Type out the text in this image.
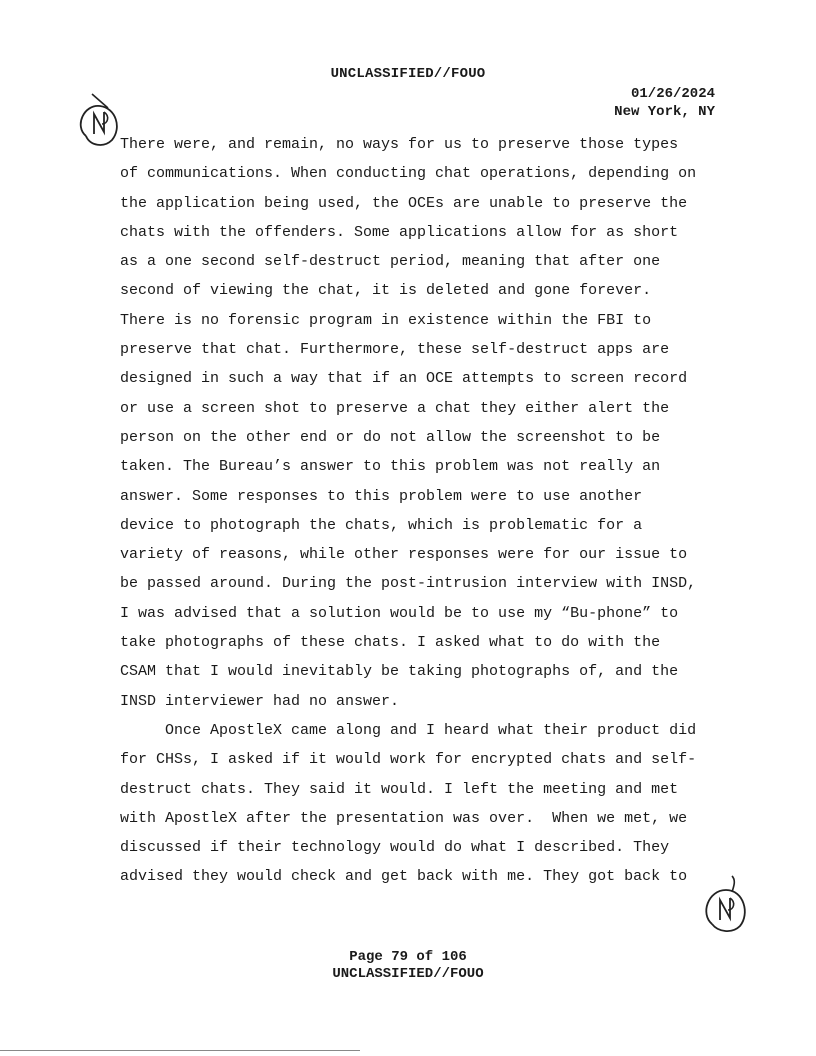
UNCLASSIFIED//FOUO
01/26/2024
New York, NY
There were, and remain, no ways for us to preserve those types
of communications. When conducting chat operations, depending on
the application being used, the OCEs are unable to preserve the
chats with the offenders. Some applications allow for as short
as a one second self-destruct period, meaning that after one
second of viewing the chat, it is deleted and gone forever.
There is no forensic program in existence within the FBI to
preserve that chat. Furthermore, these self-destruct apps are
designed in such a way that if an OCE attempts to screen record
or use a screen shot to preserve a chat they either alert the
person on the other end or do not allow the screenshot to be
taken. The Bureau’s answer to this problem was not really an
answer. Some responses to this problem were to use another
device to photograph the chats, which is problematic for a
variety of reasons, while other responses were for our issue to
be passed around. During the post-intrusion interview with INSD,
I was advised that a solution would be to use my “Bu-phone” to
take photographs of these chats. I asked what to do with the
CSAM that I would inevitably be taking photographs of, and the
INSD interviewer had no answer.
Once ApostleX came along and I heard what their product did
for CHSs, I asked if it would work for encrypted chats and self-
destruct chats. They said it would. I left the meeting and met
with ApostleX after the presentation was over.  When we met, we
discussed if their technology would do what I described. They
advised they would check and get back with me. They got back to
Page 79 of 106
UNCLASSIFIED//FOUO
